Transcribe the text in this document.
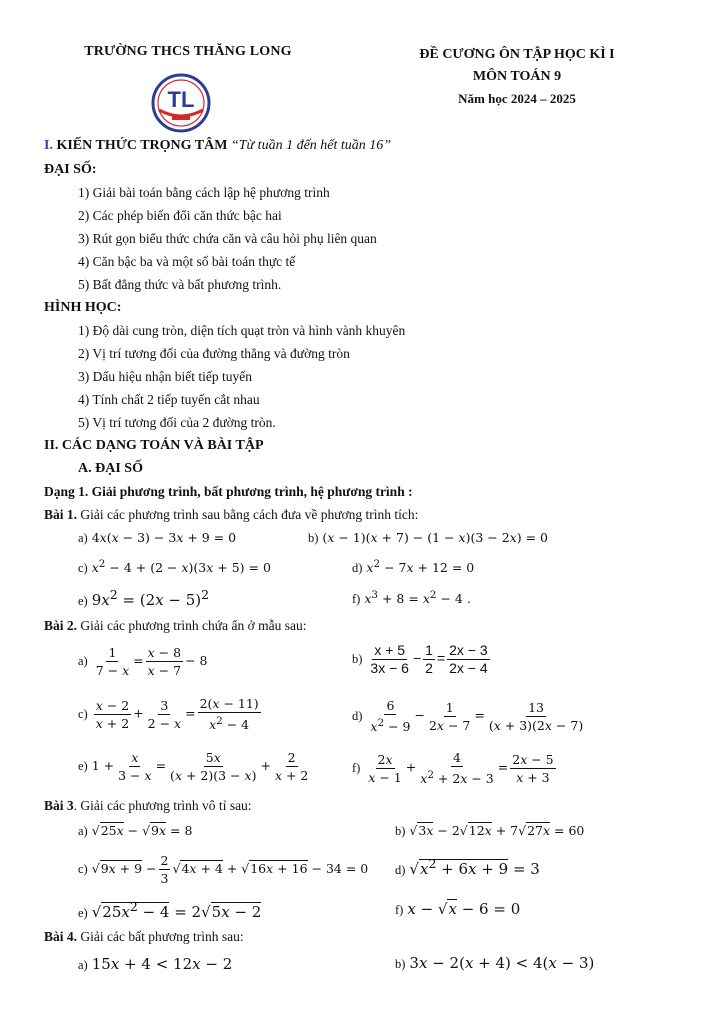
TRƯỜNG THCS THĂNG LONG	ĐỀ CƯƠNG ÔN TẬP HỌC KÌ I
MÔN TOÁN 9
Năm học 2024 – 2025
TL
I. KIẾN THỨC TRỌNG TÂM “Từ tuần 1 đến hết tuần 16”
ĐẠI SỐ:
1) Giải bài toán bằng cách lập hệ phương trình
2) Các phép biến đổi căn thức bậc hai
3) Rút gọn biểu thức chứa căn và câu hỏi phụ liên quan
4) Căn bậc ba và một số bài toán thực tế
5) Bất đẳng thức và bất phương trình.
HÌNH HỌC:
1) Độ dài cung tròn, diện tích quạt tròn và hình vành khuyên
2) Vị trí tương đối của đường thẳng và đường tròn
3) Dấu hiệu nhận biết tiếp tuyến
4) Tính chất 2 tiếp tuyến cắt nhau
5) Vị trí tương đối của 2 đường tròn.
II. CÁC DẠNG TOÁN VÀ BÀI TẬP
A. ĐẠI SỐ
Dạng 1. Giải phương trình, bất phương trình, hệ phương trình :
Bài 1. Giải các phương trình sau bằng cách đưa về phương trình tích:
a) 4x(x − 3) − 3x + 9 = 0	b) (x − 1)(x + 7) − (1 − x)(3 − 2x) = 0
c) $x^2 - 4 + (2 - x)(3x + 5) = 0$	d) $x^2 - 7x + 12 = 0$
e) $9x^2 = (2x - 5)^2$	f) $x^3 + 8 = x^2 - 4$ .
Bài 2. Giải các phương trình chứa ẩn ở mẫu sau:
$a) \frac{1}{7 - x} = \frac{x - 8}{x - 7} - 8$	$b) \frac{x + 5}{3x - 6} - \frac{1}{2} = \frac{2x - 3}{2x - 4}$
$c) \frac{x - 2}{x + 2} + \frac{3}{2 - x} = \frac{2(x - 11)}{x^2 - 4}$	$d) \frac{6}{x^2 - 9} - \frac{1}{2x - 7} = \frac{13}{(x + 3)(2x - 7)}$
e) $1 + \frac{x}{3 - x} = \frac{5x}{(x + 2)(3 - x)} + \frac{2}{x + 2}$	$f) \frac{2x}{x - 1} + \frac{4}{x^2 + 2x - 3} = \frac{2x - 5}{x + 3}$
Bài 3. Giải các phương trình vô tỉ sau:
a) √25x − √9x = 8	b) √3x − 2√12x + 7√27x = 60
c) $√9x + 9 - \frac{2}{3} √4x + 4 + √16x + 16 - 34 = 0$ d) $√x^2 + 6x + 9 = 3$
e) $√25x^2 - 4 = 2√5x - 2$	f) x − √x − 6 = 0
Bài 4. Giải các bất phương trình sau:
a) 15x + 4 < 12x − 2	b) 3x − 2(x + 4) < 4(x − 3)
